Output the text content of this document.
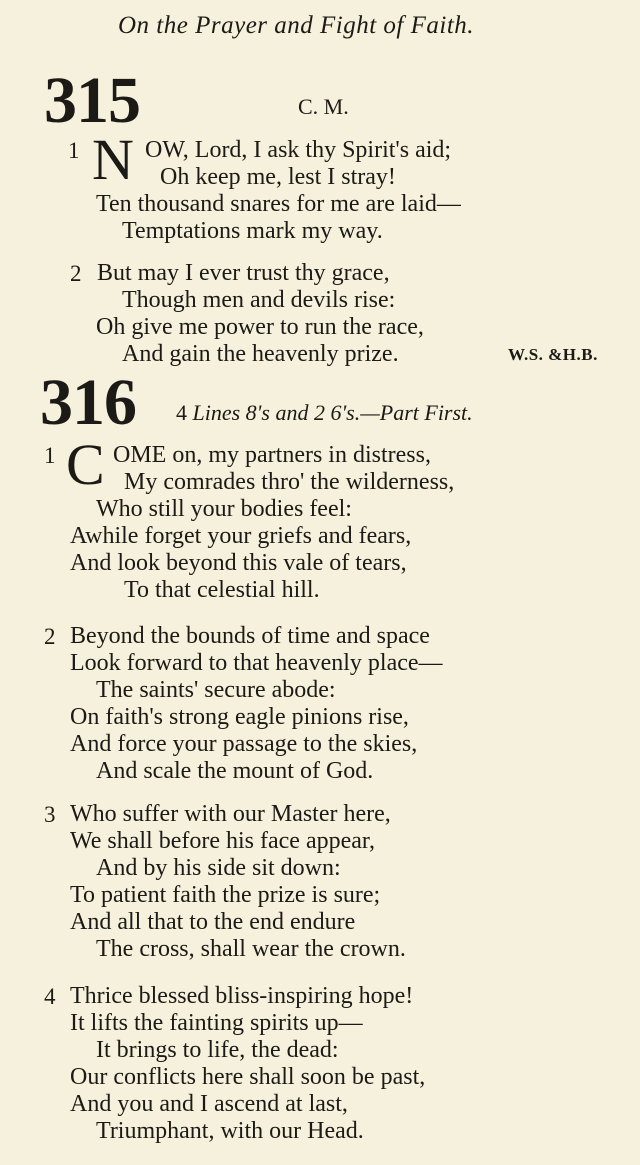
On the Prayer and Fight of Faith.
315	C. M.
1 N OW, Lord, I ask thy Spirit's aid;
Oh keep me, lest I stray!
Ten thousand snares for me are laid—
Temptations mark my way.
2 But may I ever trust thy grace,
Though men and devils rise:
Oh give me power to run the race,
And gain the heavenly prize.	W.S. &H.B.
316 4 Lines 8's and 2 6's.—Part First.
1 C OME on, my partners in distress,
My comrades thro' the wilderness,
Who still your bodies feel:
Awhile forget your griefs and fears,
And look beyond this vale of tears,
To that celestial hill.
2 Beyond the bounds of time and space
Look forward to that heavenly place—
The saints' secure abode:
On faith's strong eagle pinions rise,
And force your passage to the skies,
And scale the mount of God.
3 Who suffer with our Master here,
We shall before his face appear,
And by his side sit down:
To patient faith the prize is sure;
And all that to the end endure
The cross, shall wear the crown.
4 Thrice blessed bliss-inspiring hope!
It lifts the fainting spirits up—
It brings to life, the dead:
Our conflicts here shall soon be past,
And you and I ascend at last,
Triumphant, with our Head.
